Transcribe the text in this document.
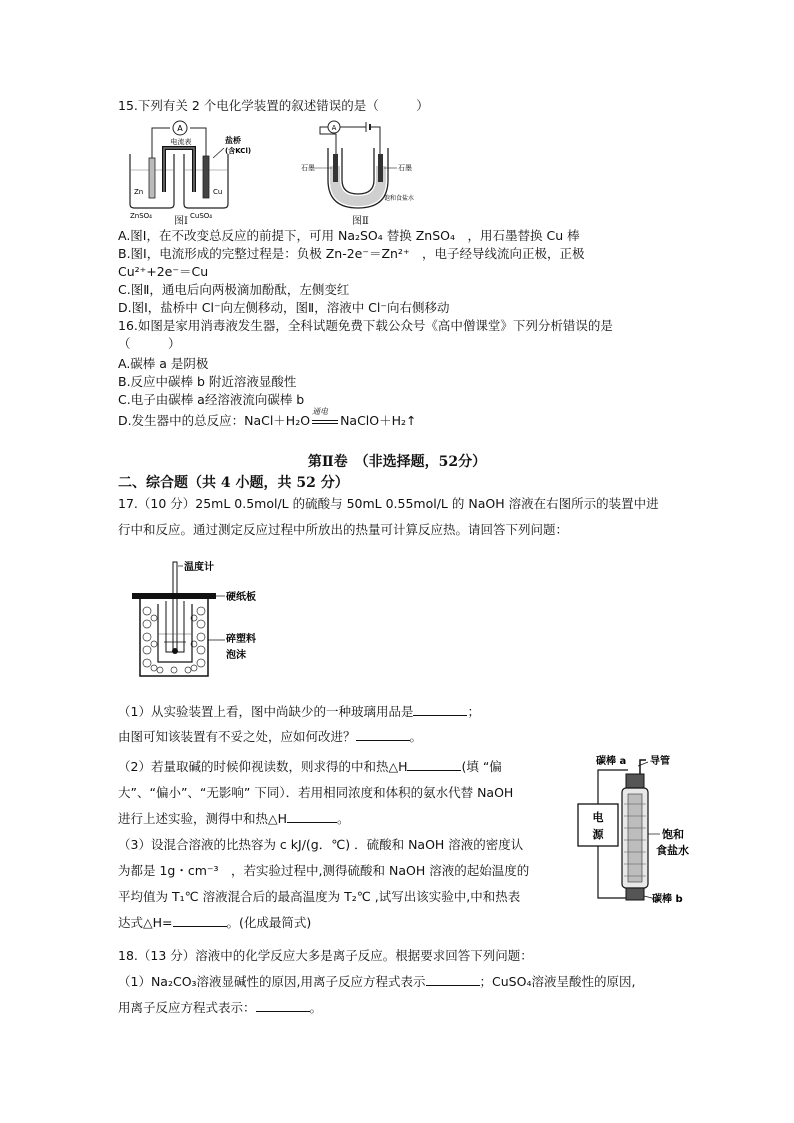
15.下列有关 2 个电化学装置的叙述错误的是（　　　）
A
电流表	盐桥
(含KCl)
Zn
ZnSO₄
Cu
CuSO₄
图Ⅰ
A
石墨	石墨
饱和食盐水
图Ⅱ
A.图Ⅰ，在不改变总反应的前提下，可用 Na₂SO₄ 替换 ZnSO₄　，用石墨替换 Cu 棒
B.图Ⅰ，电流形成的完整过程是：负极 Zn-2e⁻＝Zn²⁺　，电子经导线流向正极，正极
Cu²⁺+2e⁻＝Cu
C.图Ⅱ，通电后向两极滴加酚酞，左侧变红
D.图Ⅰ，盐桥中 Cl⁻向左侧移动，图Ⅱ，溶液中 Cl⁻向右侧移动
16.如图是家用消毒液发生器，全科试题免费下载公众号《高中僧课堂》下列分析错误的是
（　　　）
A.碳棒 a 是阴极
B.反应中碳棒 b 附近溶液显酸性
C.电子由碳棒 a经溶液流向碳棒 b
D.发生器中的总反应：NaCl＋H₂O
通电
NaClO＋H₂↑
第Ⅱ卷　（非选择题，52分）
二、综合题（共 4 小题，共 52 分）
17.（10 分）25mL 0.5mol/L 的硫酸与 50mL 0.55mol/L 的 NaOH 溶液在右图所示的装置中进
行中和反应。通过测定反应过程中所放出的热量可计算反应热。请回答下列问题：
温度计
硬纸板
碎塑料
泡沫
（1）从实验装置上看，图中尚缺少的一种玻璃用品是	；
由图可知该装置有不妥之处，应如何改进？	。
（2）若量取碱的时候仰视读数，则求得的中和热△H	(填 “偏
大”、“偏小”、“无影响” 下同）．若用相同浓度和体积的氨水代替 NaOH
进行上述实验，测得中和热△H	。
（3）设混合溶液的比热容为 c kJ/(g．℃) ．硫酸和 NaOH 溶液的密度认
为都是 1g・cm⁻³　，若实验过程中,测得硫酸和 NaOH 溶液的起始温度的
平均值为 T₁℃ 溶液混合后的最高温度为 T₂℃ ,试写出该实验中,中和热表
达式△H=	。(化成最简式)
电
源
碳棒 a 导管
饱和
食盐水
碳棒 b
18.（13 分）溶液中的化学反应大多是离子反应。根据要求回答下列问题：
（1）Na₂CO₃溶液显碱性的原因,用离子反应方程式表示	；CuSO₄溶液呈酸性的原因,
用离子反应方程式表示：	。
